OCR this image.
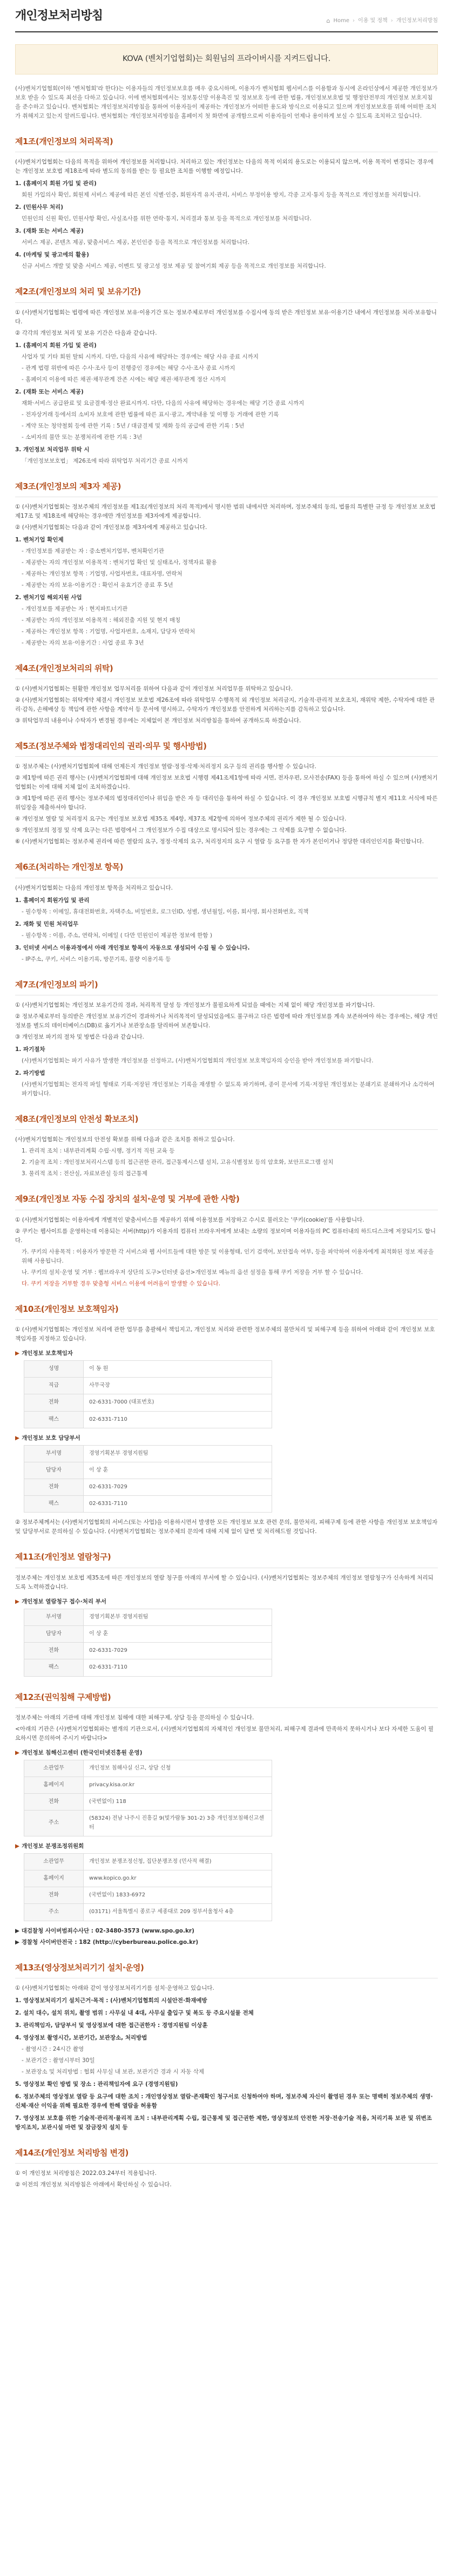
개인정보처리방침	⌂ Home › 이용 및 정책 › 개인정보처리방침
KOVA (벤처기업협회)는 회원님의 프라이버시를 지켜드립니다.

(사)벤처기업협회(이하 '벤처협회'라 한다)는 이용자들의 개인정보보호를 매우 중요시하며, 이용자가 벤처협회 웹서비스를 이용함과 동시에 온라인상에서 제공한 개인정보가 보호 받을 수 있도록 최선을 다하고 있습니다. 이에 벤처협회에서는 정보통신망 이용촉진 및 정보보호 등에 관한 법률, 개인정보보호법 및 행정안전부의 개인정보 보호지침을 준수하고 있습니다. 벤처협회는 개인정보처리방침을 통하여 이용자들이 제공하는 개인정보가 어떠한 용도와 방식으로 이용되고 있으며 개인정보보호를 위해 어떠한 조치가 취해지고 있는지 알려드립니다. 벤처협회는 개인정보처리방침을 홈페이지 첫 화면에 공개함으로써 이용자들이 언제나 용이하게 보실 수 있도록 조치하고 있습니다.

제1조(개인정보의 처리목적)

(사)벤처기업협회는 다음의 목적을 위하여 개인정보를 처리합니다. 처리하고 있는 개인정보는 다음의 목적 이외의 용도로는 이용되지 않으며, 이용 목적이 변경되는 경우에는 개인정보 보호법 제18조에 따라 별도의 동의를 받는 등 필요한 조치를 이행할 예정입니다.

1. (홈페이지 회원 가입 및 관리)

회원 가입의사 확인, 회원제 서비스 제공에 따른 본인 식별·인증, 회원자격 유지·관리, 서비스 부정이용 방지, 각종 고지·통지 등을 목적으로 개인정보를 처리합니다.

2. (민원사무 처리)

민원인의 신원 확인, 민원사항 확인, 사실조사를 위한 연락·통지, 처리결과 통보 등을 목적으로 개인정보를 처리합니다.

3. (재화 또는 서비스 제공)

서비스 제공, 콘텐츠 제공, 맞춤서비스 제공, 본인인증 등을 목적으로 개인정보를 처리합니다.

4. (마케팅 및 광고에의 활용)

신규 서비스 개발 및 맞춤 서비스 제공, 이벤트 및 광고성 정보 제공 및 참여기회 제공 등을 목적으로 개인정보를 처리합니다.

제2조(개인정보의 처리 및 보유기간)

① (사)벤처기업협회는 법령에 따른 개인정보 보유·이용기간 또는 정보주체로부터 개인정보를 수집시에 동의 받은 개인정보 보유·이용기간 내에서 개인정보를 처리·보유합니다.

② 각각의 개인정보 처리 및 보유 기간은 다음과 같습니다.

1. (홈페이지 회원 가입 및 관리)

사업자 및 기타 회원 탈퇴 시까지. 다만, 다음의 사유에 해당하는 경우에는 해당 사유 종료 시까지

- 관계 법령 위반에 따른 수사·조사 등이 진행중인 경우에는 해당 수사·조사 종료 시까지

- 홈페이지 이용에 따른 채권·채무관계 잔존 시에는 해당 채권·채무관계 정산 시까지

2. (재화 또는 서비스 제공)

재화·서비스 공급완료 및 요금결제·정산 완료시까지. 다만, 다음의 사유에 해당하는 경우에는 해당 기간 종료 시까지

- 전자상거래 등에서의 소비자 보호에 관한 법률에 따른 표시·광고, 계약내용 및 이행 등 거래에 관한 기록

- 계약 또는 청약철회 등에 관한 기록 : 5년 / 대금결제 및 재화 등의 공급에 관한 기록 : 5년

- 소비자의 불만 또는 분쟁처리에 관한 기록 : 3년

3. 개인정보 처리업무 위탁 시

「개인정보보호법」 제26조에 따라 위탁업무 처리기간 종료 시까지

제3조(개인정보의 제3자 제공)

① (사)벤처기업협회는 정보주체의 개인정보를 제1조(개인정보의 처리 목적)에서 명시한 범위 내에서만 처리하며, 정보주체의 동의, 법률의 특별한 규정 등 개인정보 보호법 제17조 및 제18조에 해당하는 경우에만 개인정보를 제3자에게 제공합니다.

② (사)벤처기업협회는 다음과 같이 개인정보를 제3자에게 제공하고 있습니다.

1. 벤처기업 확인제

- 개인정보를 제공받는 자 : 중소벤처기업부, 벤처확인기관

- 제공받는 자의 개인정보 이용목적 : 벤처기업 확인 및 실태조사, 정책자료 활용

- 제공하는 개인정보 항목 : 기업명, 사업자번호, 대표자명, 연락처

- 제공받는 자의 보유·이용기간 : 확인서 유효기간 종료 후 5년

2. 벤처기업 해외지원 사업

- 개인정보를 제공받는 자 : 현지파트너기관

- 제공받는 자의 개인정보 이용목적 : 해외진출 지원 및 현지 매칭

- 제공하는 개인정보 항목 : 기업명, 사업자번호, 소재지, 담당자 연락처

- 제공받는 자의 보유·이용기간 : 사업 종료 후 3년

제4조(개인정보처리의 위탁)

① (사)벤처기업협회는 원활한 개인정보 업무처리를 위하여 다음과 같이 개인정보 처리업무를 위탁하고 있습니다.

② (사)벤처기업협회는 위탁계약 체결시 개인정보 보호법 제26조에 따라 위탁업무 수행목적 외 개인정보 처리금지, 기술적·관리적 보호조치, 재위탁 제한, 수탁자에 대한 관리·감독, 손해배상 등 책임에 관한 사항을 계약서 등 문서에 명시하고, 수탁자가 개인정보를 안전하게 처리하는지를 감독하고 있습니다.

③ 위탁업무의 내용이나 수탁자가 변경될 경우에는 지체없이 본 개인정보 처리방침을 통하여 공개하도록 하겠습니다.

제5조(정보주체와 법정대리인의 권리·의무 및 행사방법)

① 정보주체는 (사)벤처기업협회에 대해 언제든지 개인정보 열람·정정·삭제·처리정지 요구 등의 권리를 행사할 수 있습니다.

② 제1항에 따른 권리 행사는 (사)벤처기업협회에 대해 개인정보 보호법 시행령 제41조제1항에 따라 서면, 전자우편, 모사전송(FAX) 등을 통하여 하실 수 있으며 (사)벤처기업협회는 이에 대해 지체 없이 조치하겠습니다.

③ 제1항에 따른 권리 행사는 정보주체의 법정대리인이나 위임을 받은 자 등 대리인을 통하여 하실 수 있습니다. 이 경우 개인정보 보호법 시행규칙 별지 제11호 서식에 따른 위임장을 제출하셔야 합니다.

④ 개인정보 열람 및 처리정지 요구는 개인정보 보호법 제35조 제4항, 제37조 제2항에 의하여 정보주체의 권리가 제한 될 수 있습니다.

⑤ 개인정보의 정정 및 삭제 요구는 다른 법령에서 그 개인정보가 수집 대상으로 명시되어 있는 경우에는 그 삭제를 요구할 수 없습니다.

⑥ (사)벤처기업협회는 정보주체 권리에 따른 열람의 요구, 정정·삭제의 요구, 처리정지의 요구 시 열람 등 요구를 한 자가 본인이거나 정당한 대리인인지를 확인합니다.

제6조(처리하는 개인정보 항목)

(사)벤처기업협회는 다음의 개인정보 항목을 처리하고 있습니다.

1. 홈페이지 회원가입 및 관리

- 필수항목 : 이메일, 휴대전화번호, 자택주소, 비밀번호, 로그인ID, 성별, 생년월일, 이름, 회사명, 회사전화번호, 직책

2. 재화 및 민원 처리업무

- 필수항목 : 이름, 주소, 연락처, 이메일 ( 다만 민원인이 제공한 정보에 한함 )

3. 인터넷 서비스 이용과정에서 아래 개인정보 항목이 자동으로 생성되어 수집 될 수 있습니다.

- IP주소, 쿠키, 서비스 이용기록, 방문기록, 불량 이용기록 등

제7조(개인정보의 파기)

① (사)벤처기업협회는 개인정보 보유기간의 경과, 처리목적 달성 등 개인정보가 불필요하게 되었을 때에는 지체 없이 해당 개인정보를 파기합니다.

② 정보주체로부터 동의받은 개인정보 보유기간이 경과하거나 처리목적이 달성되었음에도 불구하고 다른 법령에 따라 개인정보를 계속 보존하여야 하는 경우에는, 해당 개인정보를 별도의 데이터베이스(DB)로 옮기거나 보관장소를 달리하여 보존합니다.

③ 개인정보 파기의 절차 및 방법은 다음과 같습니다.

1. 파기절차

(사)벤처기업협회는 파기 사유가 발생한 개인정보를 선정하고, (사)벤처기업협회의 개인정보 보호책임자의 승인을 받아 개인정보를 파기합니다.

2. 파기방법

(사)벤처기업협회는 전자적 파일 형태로 기록·저장된 개인정보는 기록을 재생할 수 없도록 파기하며, 종이 문서에 기록·저장된 개인정보는 분쇄기로 분쇄하거나 소각하여 파기합니다.

제8조(개인정보의 안전성 확보조치)

(사)벤처기업협회는 개인정보의 안전성 확보를 위해 다음과 같은 조치를 취하고 있습니다.

1. 관리적 조치 : 내부관리계획 수립·시행, 정기적 직원 교육 등

2. 기술적 조치 : 개인정보처리시스템 등의 접근권한 관리, 접근통제시스템 설치, 고유식별정보 등의 암호화, 보안프로그램 설치

3. 물리적 조치 : 전산실, 자료보관실 등의 접근통제

제9조(개인정보 자동 수집 장치의 설치·운영 및 거부에 관한 사항)

① (사)벤처기업협회는 이용자에게 개별적인 맞춤서비스를 제공하기 위해 이용정보를 저장하고 수시로 불러오는 '쿠키(cookie)'를 사용합니다.

② 쿠키는 웹사이트를 운영하는데 이용되는 서버(http)가 이용자의 컴퓨터 브라우저에게 보내는 소량의 정보이며 이용자들의 PC 컴퓨터내의 하드디스크에 저장되기도 합니다.

가. 쿠키의 사용목적 : 이용자가 방문한 각 서비스와 웹 사이트들에 대한 방문 및 이용형태, 인기 검색어, 보안접속 여부, 등을 파악하여 이용자에게 최적화된 정보 제공을 위해 사용됩니다.

나. 쿠키의 설치·운영 및 거부 : 웹브라우저 상단의 도구>인터넷 옵션>개인정보 메뉴의 옵션 설정을 통해 쿠키 저장을 거부 할 수 있습니다.

다. 쿠키 저장을 거부할 경우 맞춤형 서비스 이용에 어려움이 발생할 수 있습니다.

제10조(개인정보 보호책임자)

① (사)벤처기업협회는 개인정보 처리에 관한 업무를 총괄해서 책임지고, 개인정보 처리와 관련한 정보주체의 불만처리 및 피해구제 등을 위하여 아래와 같이 개인정보 보호책임자를 지정하고 있습니다.

▶ 개인정보 보호책임자

성명	이 동 원
직급	사무국장
전화	02-6331-7000 (대표번호)
팩스	02-6331-7110

▶ 개인정보 보호 담당부서

부서명	경영기획본부 경영지원팀
담당자	이 상 훈
전화	02-6331-7029
팩스	02-6331-7110

② 정보주체께서는 (사)벤처기업협회의 서비스(또는 사업)을 이용하시면서 발생한 모든 개인정보 보호 관련 문의, 불만처리, 피해구제 등에 관한 사항을 개인정보 보호책임자 및 담당부서로 문의하실 수 있습니다. (사)벤처기업협회는 정보주체의 문의에 대해 지체 없이 답변 및 처리해드릴 것입니다.

제11조(개인정보 열람청구)

정보주체는 개인정보 보호법 제35조에 따른 개인정보의 열람 청구를 아래의 부서에 할 수 있습니다. (사)벤처기업협회는 정보주체의 개인정보 열람청구가 신속하게 처리되도록 노력하겠습니다.

▶ 개인정보 열람청구 접수·처리 부서

부서명	경영기획본부 경영지원팀
담당자	이 상 훈
전화	02-6331-7029
팩스	02-6331-7110
제12조(권익침해 구제방법)

정보주체는 아래의 기관에 대해 개인정보 침해에 대한 피해구제, 상담 등을 문의하실 수 있습니다.

<아래의 기관은 (사)벤처기업협회와는 별개의 기관으로서, (사)벤처기업협회의 자체적인 개인정보 불만처리, 피해구제 결과에 만족하지 못하시거나 보다 자세한 도움이 필요하시면 문의하여 주시기 바랍니다>

▶ 개인정보 침해신고센터 (한국인터넷진흥원 운영)

소관업무	개인정보 침해사실 신고, 상담 신청
홈페이지	privacy.kisa.or.kr
전화	(국번없이) 118
주소	(58324) 전남 나주시 진흥길 9(빛가람동 301-2) 3층 개인정보침해신고센터

▶ 개인정보 분쟁조정위원회

소관업무	개인정보 분쟁조정신청, 집단분쟁조정 (민사적 해결)
홈페이지	www.kopico.go.kr
전화	(국번없이) 1833-6972
주소	(03171) 서울특별시 종로구 세종대로 209 정부서울청사 4층

▶ 대검찰청 사이버범죄수사단 : 02-3480-3573 (www.spo.go.kr)

▶ 경찰청 사이버안전국 : 182 (http://cyberbureau.police.go.kr)

제13조(영상정보처리기기 설치·운영)

① (사)벤처기업협회는 아래와 같이 영상정보처리기기를 설치·운영하고 있습니다.

1. 영상정보처리기기 설치근거·목적 : (사)벤처기업협회의 시설안전·화재예방

2. 설치 대수, 설치 위치, 촬영 범위 : 사무실 내 4대, 사무실 출입구 및 복도 등 주요시설물 전체

3. 관리책임자, 담당부서 및 영상정보에 대한 접근권한자 : 경영지원팀 이상훈

4. 영상정보 촬영시간, 보관기간, 보관장소, 처리방법

- 촬영시간 : 24시간 촬영

- 보관기간 : 촬영시부터 30일

- 보관장소 및 처리방법 : 협회 사무실 내 보관, 보관기간 경과 시 자동 삭제

5. 영상정보 확인 방법 및 장소 : 관리책임자에 요구 (경영지원팀)

6. 정보주체의 영상정보 열람 등 요구에 대한 조치 : 개인영상정보 열람·존재확인 청구서로 신청하여야 하며, 정보주체 자신이 촬영된 경우 또는 명백히 정보주체의 생명·신체·재산 이익을 위해 필요한 경우에 한해 열람을 허용함

7. 영상정보 보호를 위한 기술적·관리적·물리적 조치 : 내부관리계획 수립, 접근통제 및 접근권한 제한, 영상정보의 안전한 저장·전송기술 적용, 처리기록 보관 및 위변조 방지조치, 보관시설 마련 및 잠금장치 설치 등

제14조(개인정보 처리방침 변경)

① 이 개인정보 처리방침은 2022.03.24부터 적용됩니다.

② 이전의 개인정보 처리방침은 아래에서 확인하실 수 있습니다.
